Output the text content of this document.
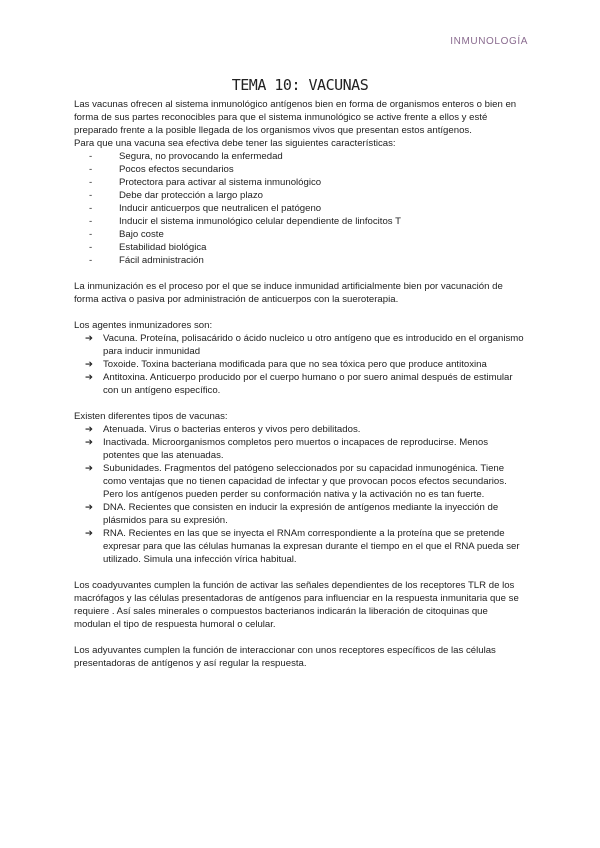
INMUNOLOGÍA
TEMA 10: VACUNAS

Las vacunas ofrecen al sistema inmunológico antígenos bien en forma de organismos enteros o bien en forma de sus partes reconocibles para que el sistema inmunológico se active frente a ellos y esté preparado frente a la posible llegada de los organismos vivos que presentan estos antígenos.

Para que una vacuna sea efectiva debe tener las siguientes características:

- Segura, no provocando la enfermedad
- Pocos efectos secundarios
- Protectora para activar al sistema inmunológico
- Debe dar protección a largo plazo
- Inducir anticuerpos que neutralicen el patógeno
- Inducir el sistema inmunológico celular dependiente de linfocitos T
- Bajo coste
- Estabilidad biológica
- Fácil administración

La inmunización es el proceso por el que se induce inmunidad artificialmente bien por vacunación de forma activa o pasiva por administración de anticuerpos con la sueroterapia.

Los agentes inmunizadores son:

➔ Vacuna. Proteína, polisacárido o ácido nucleico u otro antígeno que es introducido en el organismo para inducir inmunidad
➔ Toxoide. Toxina bacteriana modificada para que no sea tóxica pero que produce antitoxina
➔ Antitoxina. Anticuerpo producido por el cuerpo humano o por suero animal después de estimular con un antígeno específico.

Existen diferentes tipos de vacunas:

➔ Atenuada. Virus o bacterias enteros y vivos pero debilitados.
➔ Inactivada. Microorganismos completos pero muertos o incapaces de reproducirse. Menos potentes que las atenuadas.
➔ Subunidades. Fragmentos del patógeno seleccionados por su capacidad inmunogénica. Tiene como ventajas que no tienen capacidad de infectar y que provocan pocos efectos secundarios. Pero los antígenos pueden perder su conformación nativa y la activación no es tan fuerte.
➔ DNA. Recientes que consisten en inducir la expresión de antígenos mediante la inyección de plásmidos para su expresión.
➔ RNA. Recientes en las que se inyecta el RNAm correspondiente a la proteína que se pretende expresar para que las células humanas la expresan durante el tiempo en el que el RNA pueda ser utilizado. Simula una infección vírica habitual.

Los coadyuvantes cumplen la función de activar las señales dependientes de los receptores TLR de los macrófagos y las células presentadoras de antígenos para influenciar en la respuesta inmunitaria que se requiere . Así sales minerales o compuestos bacterianos indicarán la liberación de citoquinas que modulan el tipo de respuesta humoral o celular.

Los adyuvantes cumplen la función de interaccionar con unos receptores específicos de las células presentadoras de antígenos y así regular la respuesta.
